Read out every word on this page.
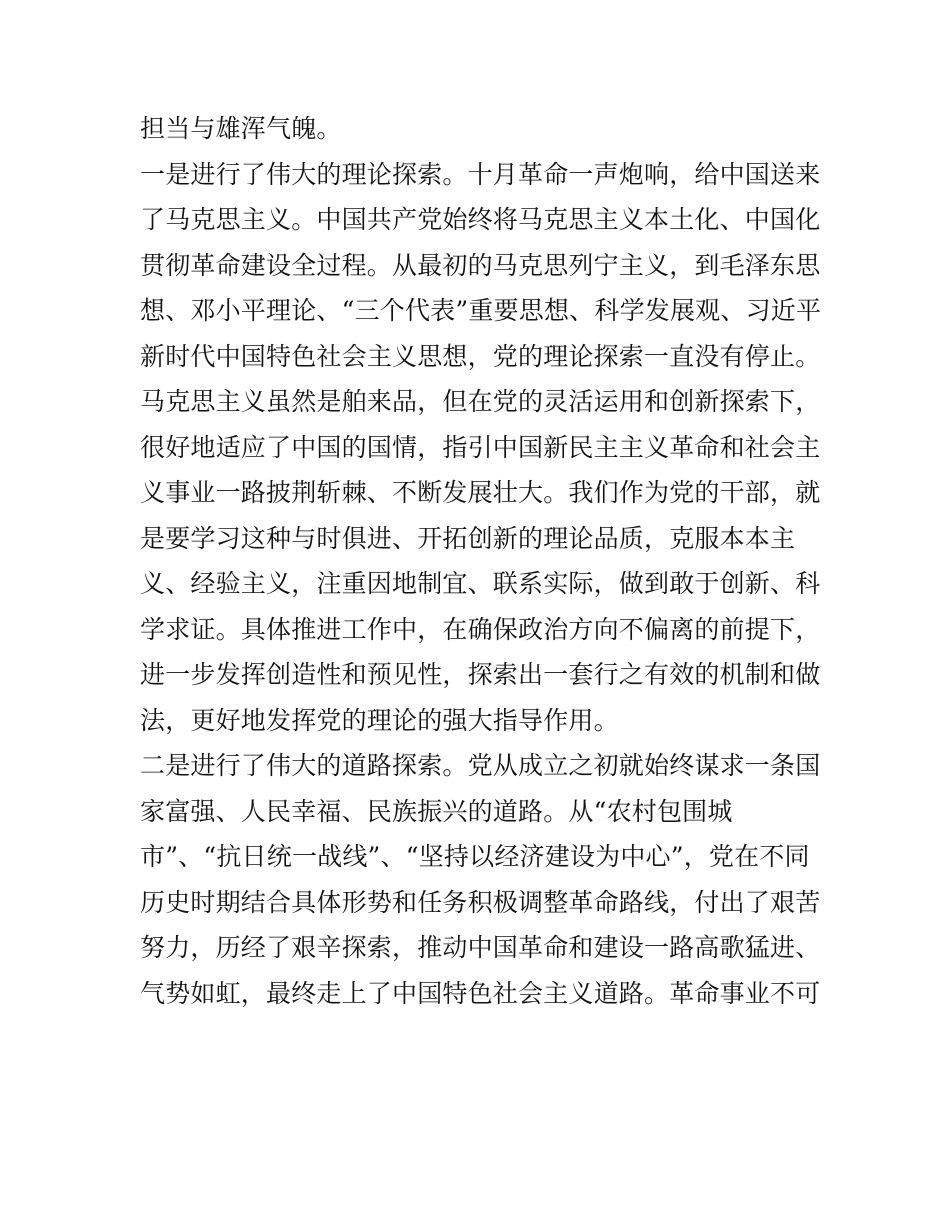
担当与雄浑气魄。
一是进行了伟大的理论探索。十月革命一声炮响，给中国送来
了马克思主义。中国共产党始终将马克思主义本土化、中国化
贯彻革命建设全过程。从最初的马克思列宁主义，到毛泽东思
想、邓小平理论、“三个代表”重要思想、科学发展观、习近平
新时代中国特色社会主义思想，党的理论探索一直没有停止。
马克思主义虽然是舶来品，但在党的灵活运用和创新探索下，
很好地适应了中国的国情，指引中国新民主主义革命和社会主
义事业一路披荆斩棘、不断发展壮大。我们作为党的干部，就
是要学习这种与时俱进、开拓创新的理论品质，克服本本主
义、经验主义，注重因地制宜、联系实际，做到敢于创新、科
学求证。具体推进工作中，在确保政治方向不偏离的前提下，
进一步发挥创造性和预见性，探索出一套行之有效的机制和做
法，更好地发挥党的理论的强大指导作用。
二是进行了伟大的道路探索。党从成立之初就始终谋求一条国
家富强、人民幸福、民族振兴的道路。从“农村包围城
市”、“抗日统一战线”、“坚持以经济建设为中心”，党在不同
历史时期结合具体形势和任务积极调整革命路线，付出了艰苦
努力，历经了艰辛探索，推动中国革命和建设一路高歌猛进、
气势如虹，最终走上了中国特色社会主义道路。革命事业不可
